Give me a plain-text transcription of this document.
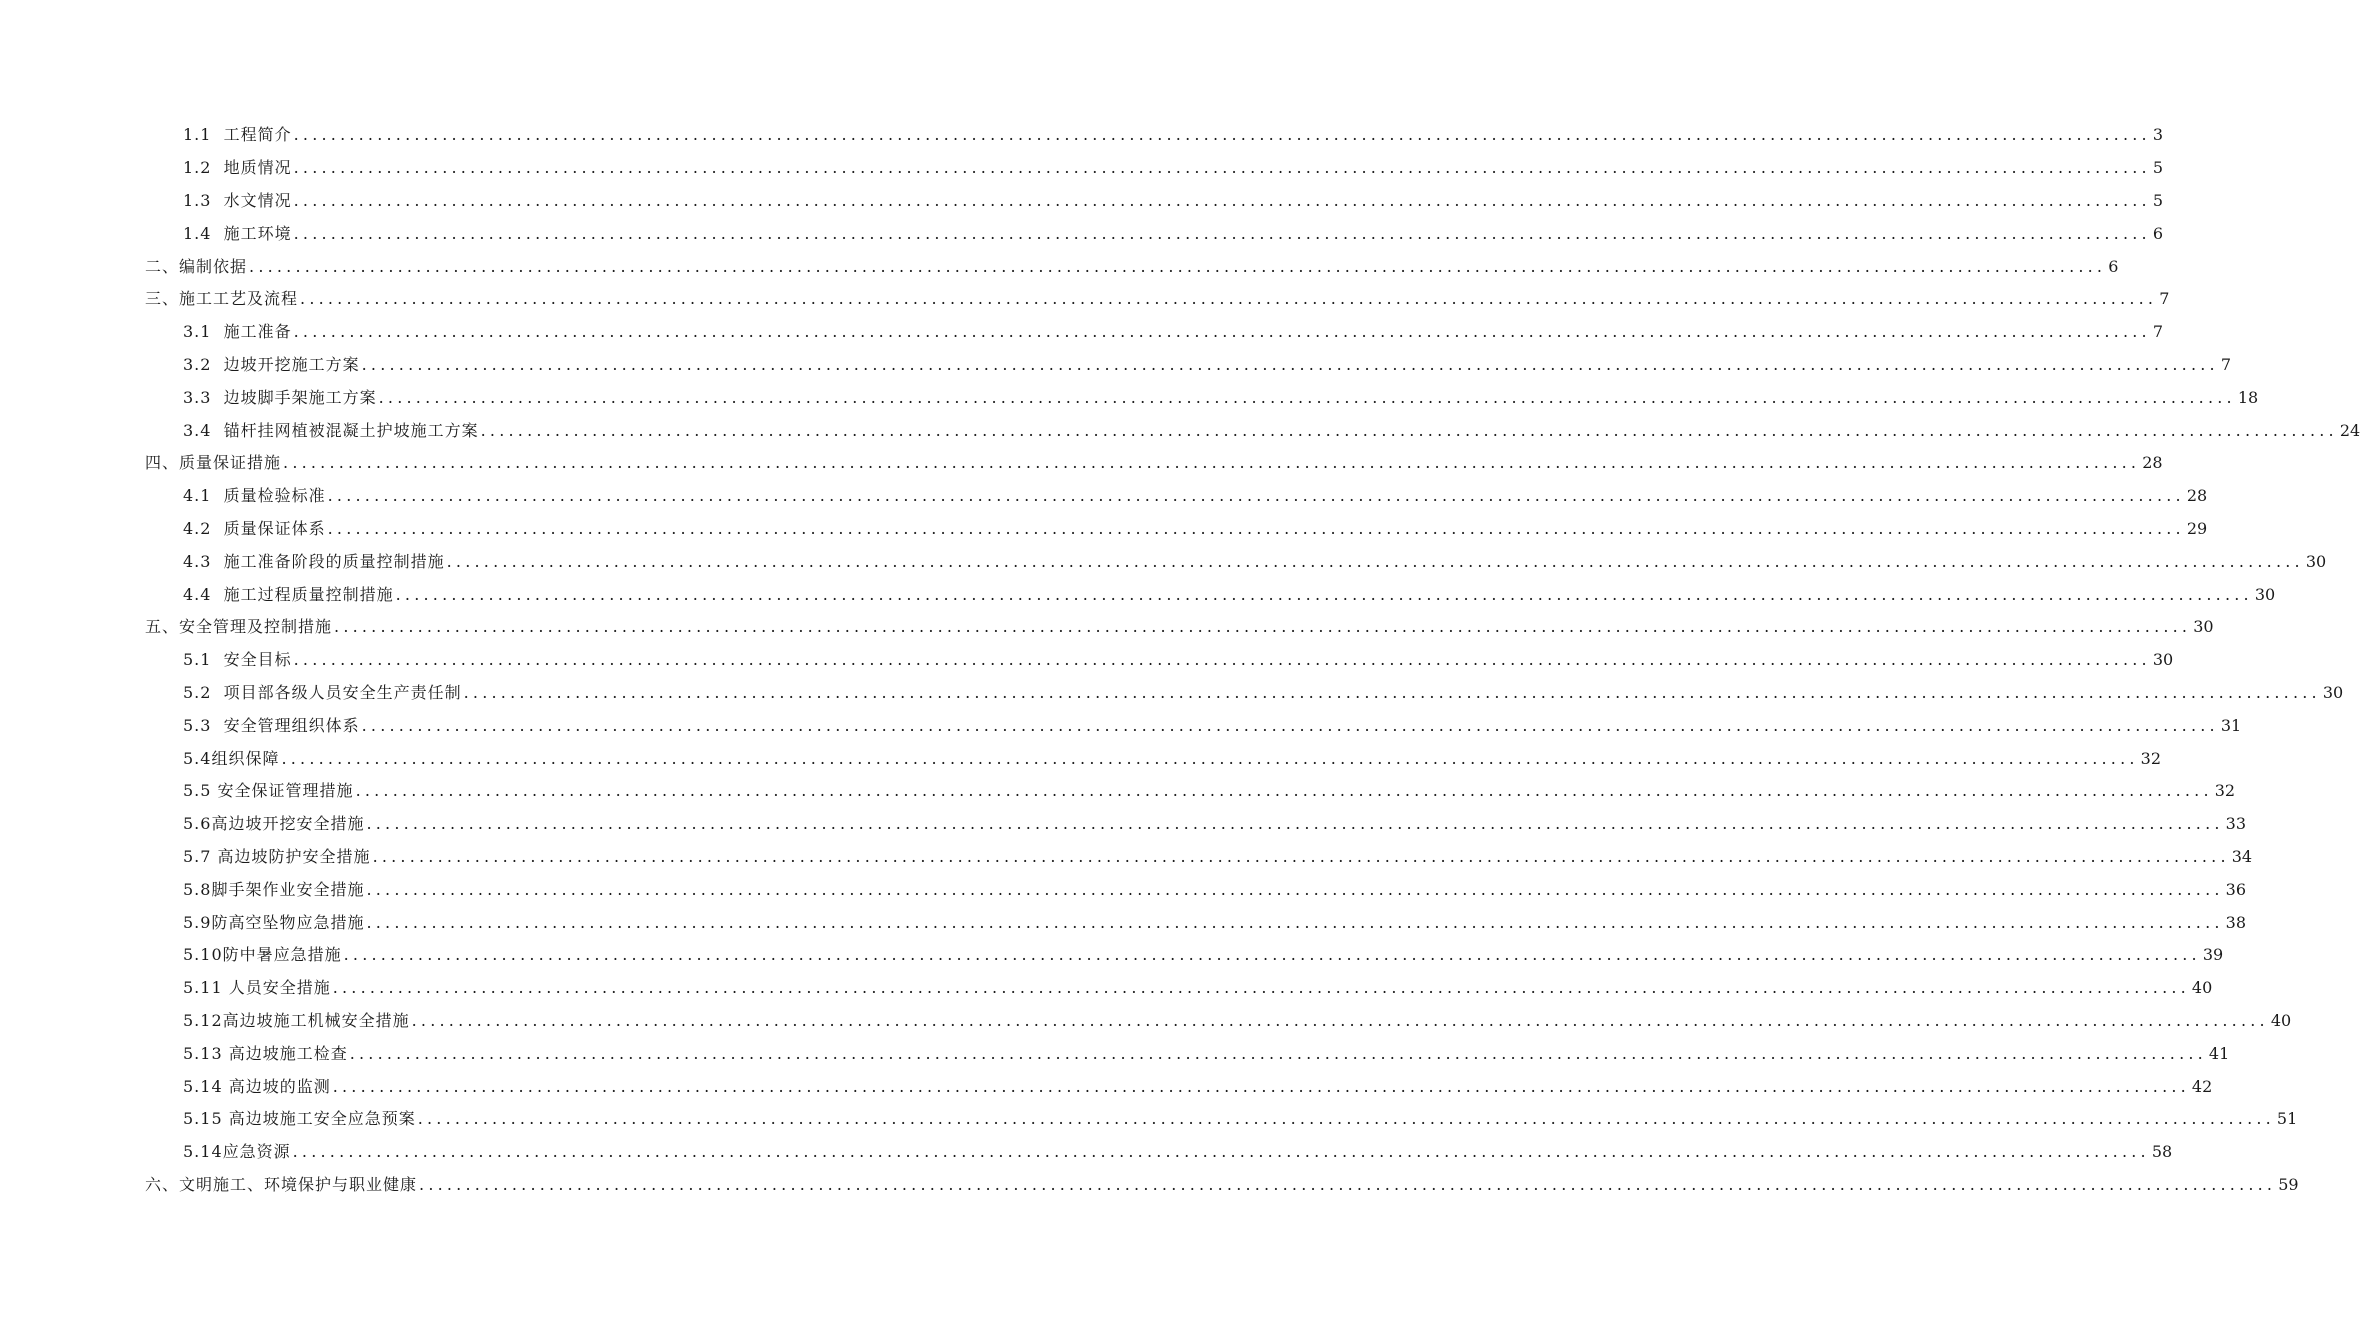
1.1
工程简介 ........................................................................................................................................................................................................ 3
1.2
地质情况 ........................................................................................................................................................................................................ 5
1.3
水文情况 ........................................................................................................................................................................................................ 5
1.4
施工环境 ........................................................................................................................................................................................................ 6
二、 编制依据 ........................................................................................................................................................................................................ 6
三、 施工工艺及流程 ........................................................................................................................................................................................................ 7
3.1
施工准备 ........................................................................................................................................................................................................ 7
3.2
边坡开挖施工方案 ........................................................................................................................................................................................................ 7
3.3
边坡脚手架施工方案 ........................................................................................................................................................................................................ 18
3.4
锚杆挂网植被混凝土护坡施工方案 ........................................................................................................................................................................................................ 24
四、 质量保证措施 ........................................................................................................................................................................................................ 28
4.1
质量检验标准 ........................................................................................................................................................................................................ 28
4.2
质量保证体系 ........................................................................................................................................................................................................ 29
4.3
施工准备阶段的质量控制措施 ........................................................................................................................................................................................................ 30
4.4
施工过程质量控制措施 ........................................................................................................................................................................................................ 30
五、 安全管理及控制措施 ........................................................................................................................................................................................................ 30
5.1
安全目标 ........................................................................................................................................................................................................ 30
5.2
项目部各级人员安全生产责任制 ........................................................................................................................................................................................................ 30
5.3
安全管理组织体系 ........................................................................................................................................................................................................ 31
5.4 组织保障 ........................................................................................................................................................................................................ 32
5.5
安全保证管理措施 ........................................................................................................................................................................................................ 32
5.6 高边坡开挖安全措施 ........................................................................................................................................................................................................ 33
5.7
高边坡防护安全措施 ........................................................................................................................................................................................................ 34
5.8 脚手架作业安全措施 ........................................................................................................................................................................................................ 36
5.9 防高空坠物应急措施 ........................................................................................................................................................................................................ 38
5.10 防中暑应急措施 ........................................................................................................................................................................................................ 39
5.11
人员安全措施 ........................................................................................................................................................................................................ 40
5.12 高边坡施工机械安全措施 ........................................................................................................................................................................................................ 40
5.13
高边坡施工检查 ........................................................................................................................................................................................................ 41
5.14
高边坡的监测 ........................................................................................................................................................................................................ 42
5.15
高边坡施工安全应急预案 ........................................................................................................................................................................................................ 51
5.14 应急资源 ........................................................................................................................................................................................................ 58
六、 文明施工、环境保护与职业健康 ........................................................................................................................................................................................................ 59
